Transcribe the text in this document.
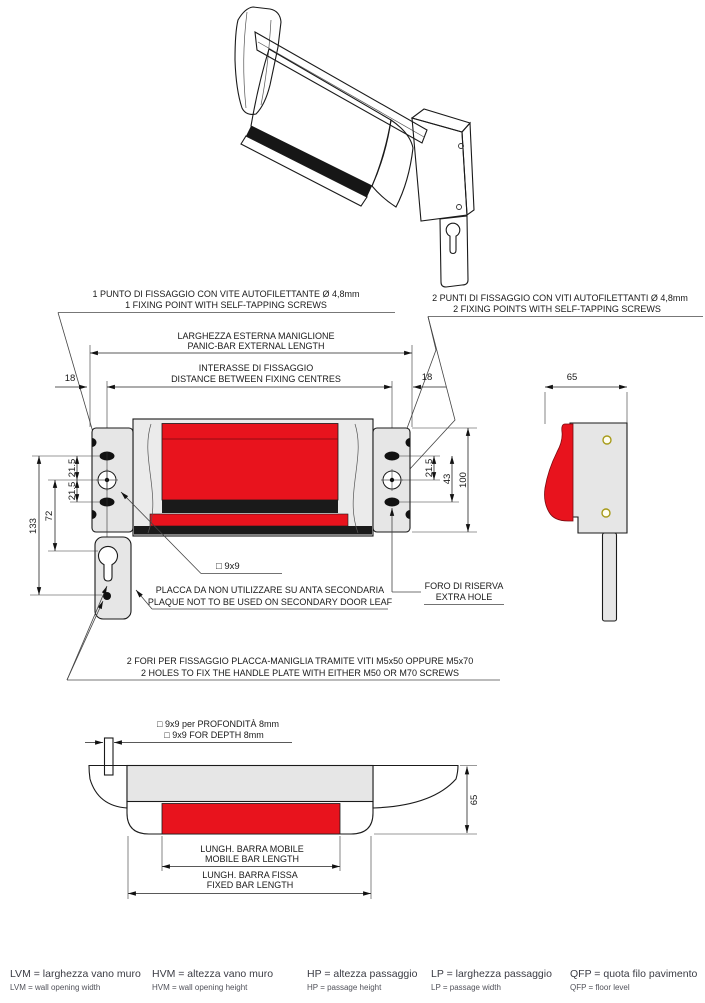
1 PUNTO DI FISSAGGIO CON VITE AUTOFILETTANTE Ø 4,8mm
1 FIXING POINT WITH SELF-TAPPING SCREWS
2 PUNTI DI FISSAGGIO CON VITI AUTOFILETTANTI Ø 4,8mm
2 FIXING POINTS WITH SELF-TAPPING SCREWS
LARGHEZZA ESTERNA MANIGLIONE
PANIC-BAR EXTERNAL LENGTH
INTERASSE DI FISSAGGIO
DISTANCE BETWEEN FIXING CENTRES
18	18
21.5
21.5
72
133
21.5
43 100
□ 9x9
FORO DI RISERVA
EXTRA HOLE
PLACCA DA NON UTILIZZARE SU ANTA SECONDARIA
PLAQUE NOT TO BE USED ON SECONDARY DOOR LEAF
2 FORI PER FISSAGGIO PLACCA-MANIGLIA TRAMITE VITI M5x50 OPPURE M5x70
2 HOLES TO FIX THE HANDLE PLATE WITH EITHER M50 OR M70 SCREWS
65
□ 9x9 per PROFONDITÀ 8mm
□ 9x9 FOR DEPTH 8mm
65
LUNGH. BARRA MOBILE
MOBILE BAR LENGTH
LUNGH. BARRA FISSA
FIXED BAR LENGTH
LVM = larghezza vano muro
LVM = wall opening width
HVM = altezza vano muro
HVM = wall opening height
HP = altezza passaggio
HP = passage height
LP = larghezza passaggio
LP = passage width
QFP = quota filo pavimento
QFP = floor level
